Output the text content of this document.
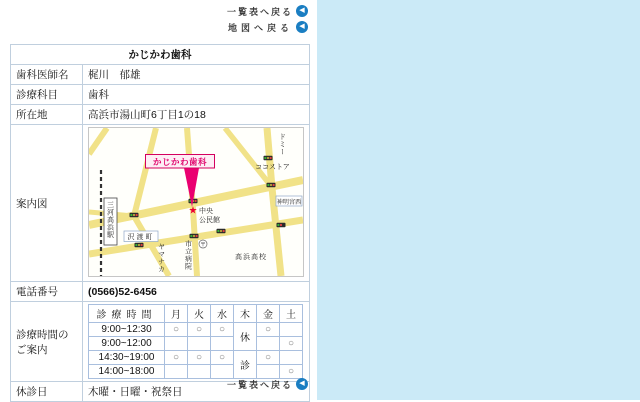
一覧表へ戻る ◀
地図へ戻る ◀
かじかわ歯科
歯科医師名	梶川　郁雄
診療科目	歯科
所在地	高浜市湯山町6丁目1の18
案内図	
かじかわ歯科
★
三河高浜駅 沢渡町
神明宮西
ドミー
ココストア
中央
公民館
ヤマナカ	市立病院	高浜高校
〒

電話番号	(0566)52-6456
診療時間のご案内	
診療時間	月	火	水	木	金	土
9:00~12:30	○	○	○	休	○	
9:00~12:00					○
14:30~19:00	○	○	○	診	○	
14:00~18:00					○

休診日	木曜・日曜・祝祭日
一覧表へ戻る ◀
